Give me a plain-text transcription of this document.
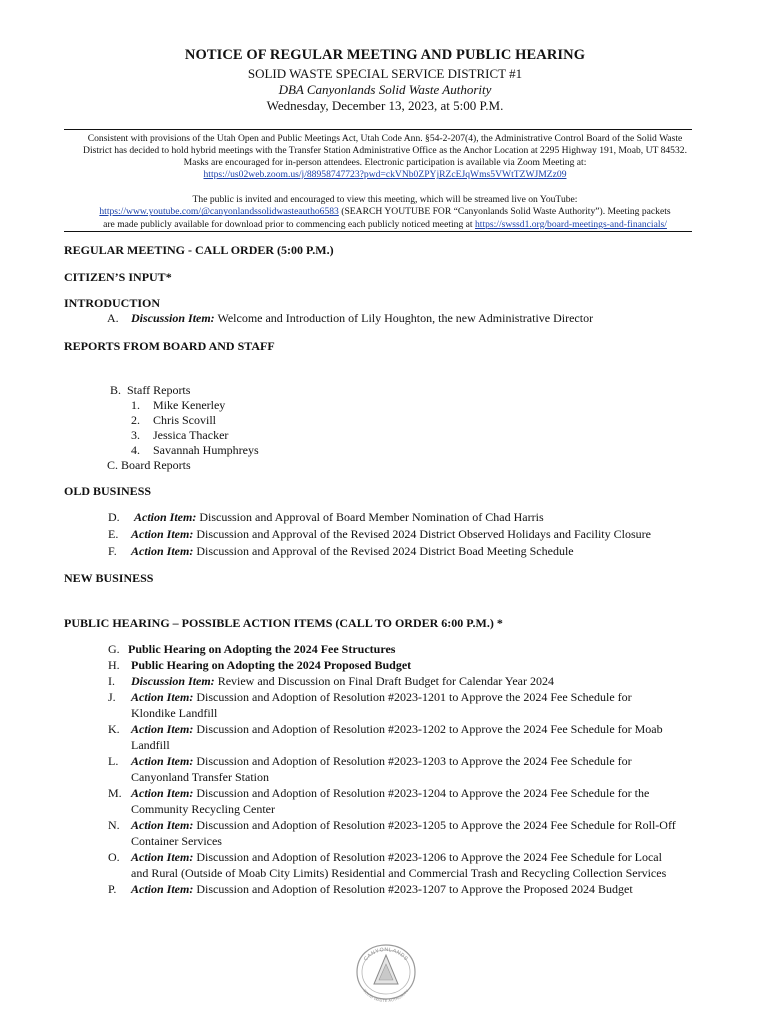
NOTICE OF REGULAR MEETING AND PUBLIC HEARING
SOLID WASTE SPECIAL SERVICE DISTRICT #1
DBA Canyonlands Solid Waste Authority
Wednesday, December 13, 2023, at 5:00 P.M.
Consistent with provisions of the Utah Open and Public Meetings Act, Utah Code Ann. §54-2-207(4), the Administrative Control Board of the Solid Waste
District has decided to hold hybrid meetings with the Transfer Station Administrative Office as the Anchor Location at 2295 Highway 191, Moab, UT 84532.
Masks are encouraged for in-person attendees. Electronic participation is available via Zoom Meeting at:
https://us02web.zoom.us/j/88958747723?pwd=ckVNb0ZPYjRZcEJqWms5VWtTZWJMZz09
The public is invited and encouraged to view this meeting, which will be streamed live on YouTube:
https://www.youtube.com/@canyonlandssolidwasteautho6583 (SEARCH YOUTUBE FOR “Canyonlands Solid Waste Authority”). Meeting packets
are made publicly available for download prior to commencing each publicly noticed meeting at https://swssd1.org/board-meetings-and-financials/
REGULAR MEETING - CALL ORDER (5:00 P.M.)
CITIZEN’S INPUT*
INTRODUCTION
A. Discussion Item: Welcome and Introduction of Lily Houghton, the new Administrative Director
REPORTS FROM BOARD AND STAFF
B. Staff Reports
1. Mike Kenerley
2. Chris Scovill
3. Jessica Thacker
4. Savannah Humphreys
C. Board Reports
OLD BUSINESS
D. Action Item: Discussion and Approval of Board Member Nomination of Chad Harris
E. Action Item: Discussion and Approval of the Revised 2024 District Observed Holidays and Facility Closure
F. Action Item: Discussion and Approval of the Revised 2024 District Boad Meeting Schedule
NEW BUSINESS
PUBLIC HEARING – POSSIBLE ACTION ITEMS (CALL TO ORDER 6:00 P.M.) *
G. Public Hearing on Adopting the 2024 Fee Structures
H. Public Hearing on Adopting the 2024 Proposed Budget
I. Discussion Item: Review and Discussion on Final Draft Budget for Calendar Year 2024
J. Action Item: Discussion and Adoption of Resolution #2023-1201 to Approve the 2024 Fee Schedule for
Klondike Landfill
K. Action Item: Discussion and Adoption of Resolution #2023-1202 to Approve the 2024 Fee Schedule for Moab
Landfill
L. Action Item: Discussion and Adoption of Resolution #2023-1203 to Approve the 2024 Fee Schedule for
Canyonland Transfer Station
M. Action Item: Discussion and Adoption of Resolution #2023-1204 to Approve the 2024 Fee Schedule for the
Community Recycling Center
N. Action Item: Discussion and Adoption of Resolution #2023-1205 to Approve the 2024 Fee Schedule for Roll-Off
Container Services
O. Action Item: Discussion and Adoption of Resolution #2023-1206 to Approve the 2024 Fee Schedule for Local
and Rural (Outside of Moab City Limits) Residential and Commercial Trash and Recycling Collection Services
P. Action Item: Discussion and Adoption of Resolution #2023-1207 to Approve the Proposed 2024 Budget
CANYONLANDS
SOLID WASTE AUTHORITY
